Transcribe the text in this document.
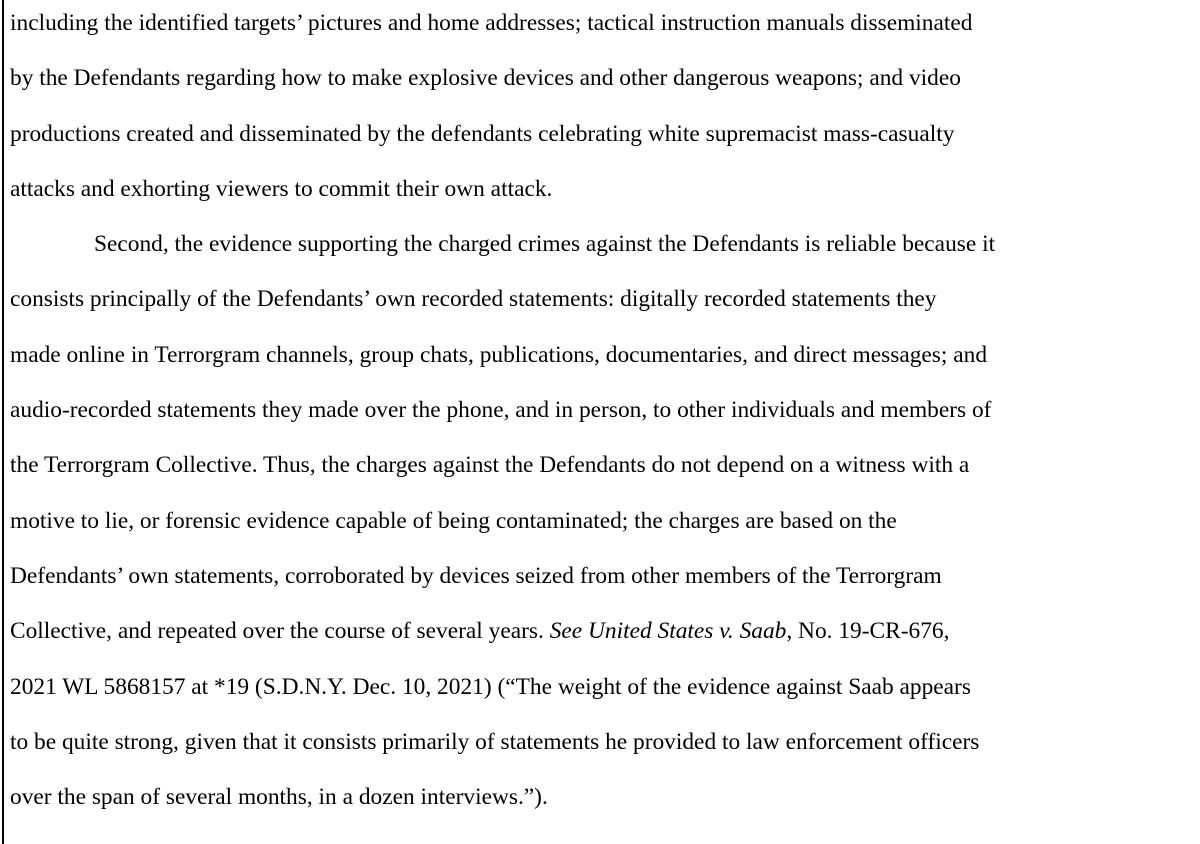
including the identified targets’ pictures and home addresses; tactical instruction manuals disseminated
by the Defendants regarding how to make explosive devices and other dangerous weapons; and video
productions created and disseminated by the defendants celebrating white supremacist mass-casualty
attacks and exhorting viewers to commit their own attack.
Second, the evidence supporting the charged crimes against the Defendants is reliable because it
consists principally of the Defendants’ own recorded statements: digitally recorded statements they
made online in Terrorgram channels, group chats, publications, documentaries, and direct messages; and
audio-recorded statements they made over the phone, and in person, to other individuals and members of
the Terrorgram Collective. Thus, the charges against the Defendants do not depend on a witness with a
motive to lie, or forensic evidence capable of being contaminated; the charges are based on the
Defendants’ own statements, corroborated by devices seized from other members of the Terrorgram
Collective, and repeated over the course of several years. See United States v. Saab, No. 19-CR-676,
2021 WL 5868157 at *19 (S.D.N.Y. Dec. 10, 2021) (“The weight of the evidence against Saab appears
to be quite strong, given that it consists primarily of statements he provided to law enforcement officers
over the span of several months, in a dozen interviews.”).
